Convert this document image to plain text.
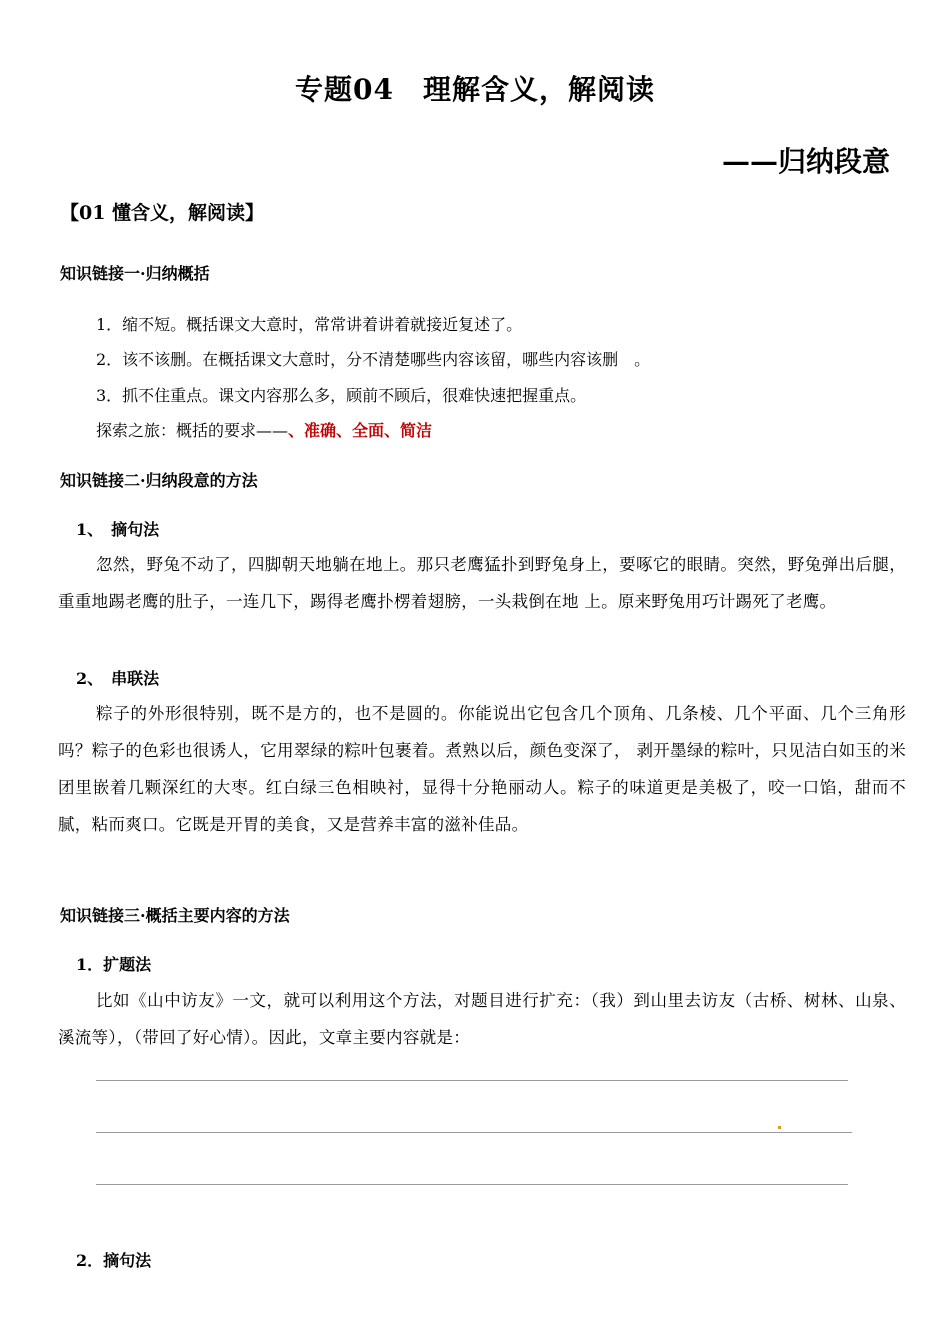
专题04　理解含义，解阅读
——归纳段意
【01 懂含义，解阅读】
知识链接一·归纳概括
1．缩不短。概括课文大意时，常常讲着讲着就接近复述了。
2．该不该删。在概括课文大意时，分不清楚哪些内容该留，哪些内容该删　。
3．抓不住重点。课文内容那么多，顾前不顾后，很难快速把握重点。
探索之旅：概括的要求——、准确、全面、简洁
知识链接二·归纳段意的方法
1、　摘句法
忽然，野兔不动了，四脚朝天地躺在地上。那只老鹰猛扑到野兔身上，要啄它的眼睛。突然，野兔弹出后腿，重重地踢老鹰的肚子，一连几下，踢得老鹰扑楞着翅膀，一头栽倒在地 上。原来野兔用巧计踢死了老鹰。
2、　串联法
粽子的外形很特别，既不是方的，也不是圆的。你能说出它包含几个顶角、几条棱、几个平面、几个三角形吗？粽子的色彩也很诱人，它用翠绿的粽叶包裹着。煮熟以后，颜色变深了， 剥开墨绿的粽叶，只见洁白如玉的米团里嵌着几颗深红的大枣。红白绿三色相映衬，显得十分艳丽动人。粽子的味道更是美极了，咬一口馅，甜而不腻，粘而爽口。它既是开胃的美食，又是营养丰富的滋补佳品。
知识链接三·概括主要内容的方法
1．扩题法
比如《山中访友》一文，就可以利用这个方法，对题目进行扩充：（我）到山里去访友（古桥、树林、山泉、溪流等），（带回了好心情）。因此，文章主要内容就是：
2．摘句法
